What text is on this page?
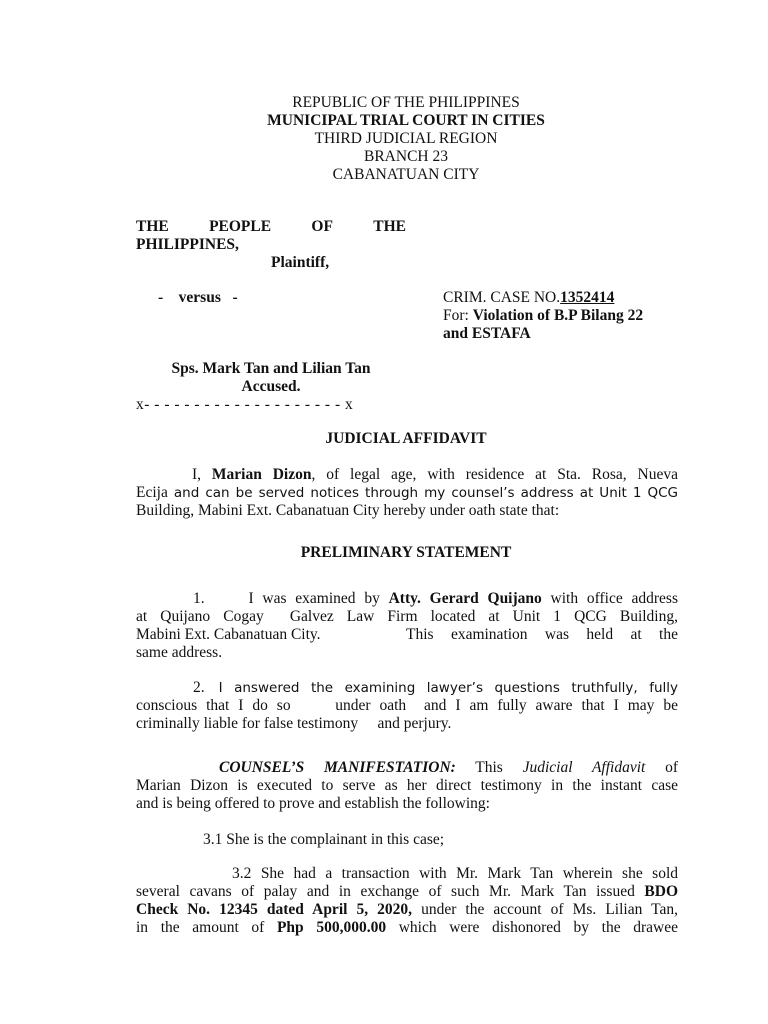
REPUBLIC OF THE PHILIPPINES
MUNICIPAL TRIAL COURT IN CITIES
THIRD JUDICIAL REGION
BRANCH 23
CABANATUAN CITY
THE	PEOPLE	OF	THE
PHILIPPINES,
Plaintiff,
-    versus   -	CRIM. CASE NO.1352414
For: Violation of B.P Bilang 22
and ESTAFA
Sps. Mark Tan and Lilian Tan
Accused.
x- - - - - - - - - - - - - - - - - - - - x
JUDICIAL AFFIDAVIT
I, Marian Dizon, of legal age, with residence at Sta. Rosa, Nueva
Ecija and can be served notices through my counsel’s address at Unit 1 QCG
Building, Mabini Ext. Cabanatuan City hereby under oath state that:
PRELIMINARY STATEMENT
1.     I was examined by Atty. Gerard Quijano with office address
at Quijano Cogay  Galvez Law Firm located at Unit 1 QCG Building,
Mabini Ext. Cabanatuan City.	This examination was held at the
same address.
2. I answered the examining lawyer’s questions truthfully, fully
conscious that I do so     under oath  and I am fully aware that I may be
criminally liable for false testimony     and perjury.
COUNSEL’S MANIFESTATION: This Judicial Affidavit of
Marian Dizon is executed to serve as her direct testimony in the instant case
and is being offered to prove and establish the following:
3.1 She is the complainant in this case;
3.2 She had a transaction with Mr. Mark Tan wherein she sold
several cavans of palay and in exchange of such Mr. Mark Tan issued BDO
Check No. 12345 dated April 5, 2020, under the account of Ms. Lilian Tan,
in the amount of Php 500,000.00 which were dishonored by the drawee
